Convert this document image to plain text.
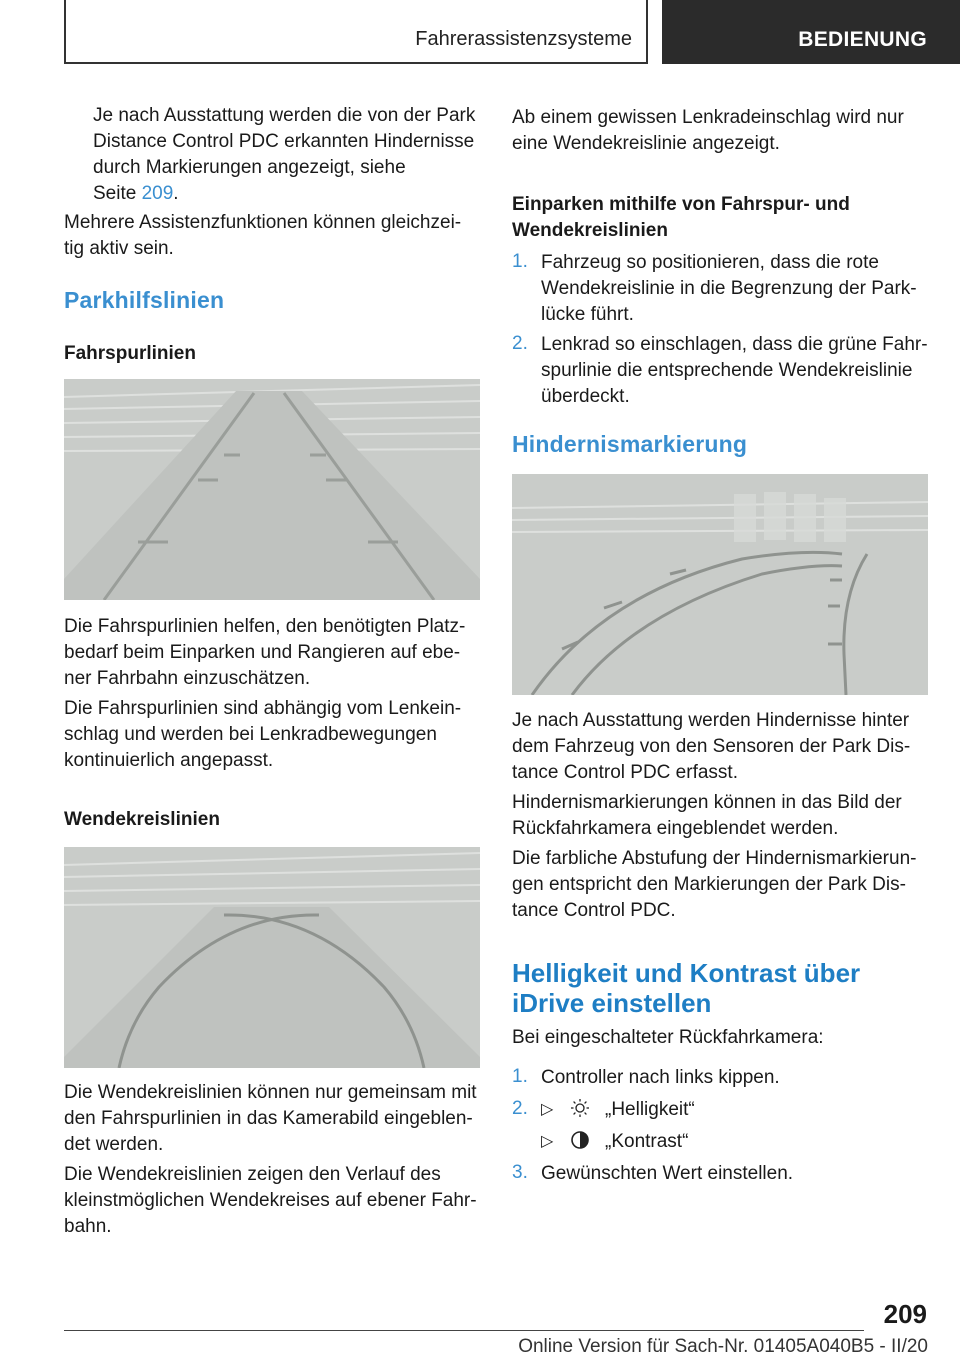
Fahrerassistenzsysteme	BEDIENUNG

Je nach Ausstattung werden die von der Park

Distance Control PDC erkannten Hindernisse

durch Markierungen angezeigt, siehe

Seite 209.

Mehrere Assistenzfunktionen können gleichzei‐

tig aktiv sein.

Parkhilfslinien
Fahrspurlinien

Die Fahrspurlinien helfen, den benötigten Platz‐

bedarf beim Einparken und Rangieren auf ebe‐

ner Fahrbahn einzuschätzen.

Die Fahrspurlinien sind abhängig vom Lenkein‐

schlag und werden bei Lenkradbewegungen

kontinuierlich angepasst.

Wendekreislinien

Die Wendekreislinien können nur gemeinsam mit

den Fahrspurlinien in das Kamerabild eingeblen‐

det werden.

Die Wendekreislinien zeigen den Verlauf des

kleinstmöglichen Wendekreises auf ebener Fahr‐

bahn.

Ab einem gewissen Lenkradeinschlag wird nur

eine Wendekreislinie angezeigt.

Einparken mithilfe von Fahrspur- und
Wendekreislinien
1. Fahrzeug so positionieren, dass die rote

Wendekreislinie in die Begrenzung der Park‐

lücke führt.

2. Lenkrad so einschlagen, dass die grüne Fahr‐

spurlinie die entsprechende Wendekreislinie

überdeckt.

Hindernismarkierung

Je nach Ausstattung werden Hindernisse hinter

dem Fahrzeug von den Sensoren der Park Dis‐

tance Control PDC erfasst.

Hindernismarkierungen können in das Bild der

Rückfahrkamera eingeblendet werden.

Die farbliche Abstufung der Hindernismarkierun‐

gen entspricht den Markierungen der Park Dis‐

tance Control PDC.

Helligkeit und Kontrast über
iDrive einstellen

Bei eingeschalteter Rückfahrkamera:

1. Controller nach links kippen.

2. ▷	„Helligkeit“

▷	„Kontrast“

3. Gewünschten Wert einstellen.

209
Online Version für Sach-Nr. 01405A040B5 - II/20
